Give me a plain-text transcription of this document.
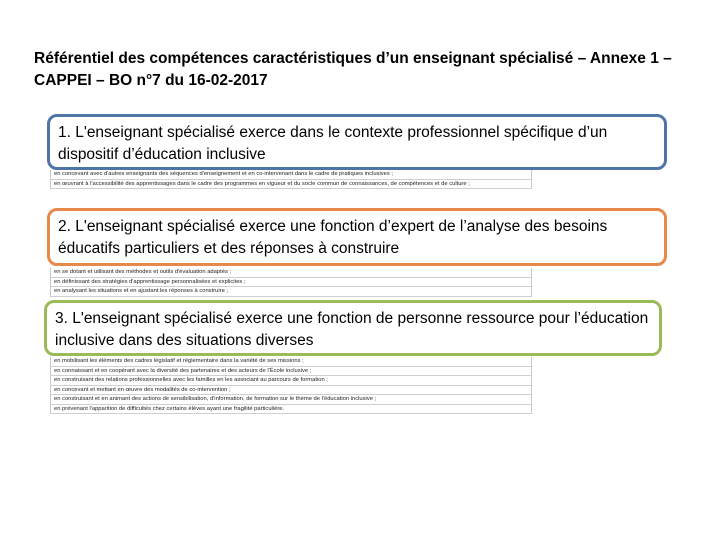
Référentiel des compétences caractéristiques d’un enseignant spécialisé – Annexe 1 – CAPPEI – BO n°7 du 16-02-2017
en concevant avec d'autres enseignants des séquences d'enseignement et en co-intervenant dans le cadre de pratiques inclusives ;
en œuvrant à l'accessibilité des apprentissages dans le cadre des programmes en vigueur et du socle commun de connaissances, de compétences et de culture ;
en se dotant et utilisant des méthodes et outils d'évaluation adaptés ;
en définissant des stratégies d'apprentissage personnalisées et explicites ;
en analysant les situations et en ajustant les réponses à construire ;
en mobilisant les éléments des cadres législatif et réglementaire dans la variété de ses missions ;
en connaissant et en coopérant avec la diversité des partenaires et des acteurs de l'École inclusive ;
en construisant des relations professionnelles avec les familles en les associant au parcours de formation ;
en concevant et mettant en œuvre des modalités de co-intervention ;
en construisant et en animant des actions de sensibilisation, d'information, de formation sur le thème de l'éducation inclusive ;
en prévenant l'apparition de difficultés chez certains élèves ayant une fragilité particulière.
1. L'enseignant spécialisé exerce dans le contexte professionnel spécifique d’un dispositif d’éducation inclusive
2. L'enseignant spécialisé exerce une fonction d’expert de l’analyse des besoins éducatifs particuliers et des réponses à construire
3. L'enseignant spécialisé exerce une fonction de personne ressource pour l’éducation inclusive dans des situations diverses
